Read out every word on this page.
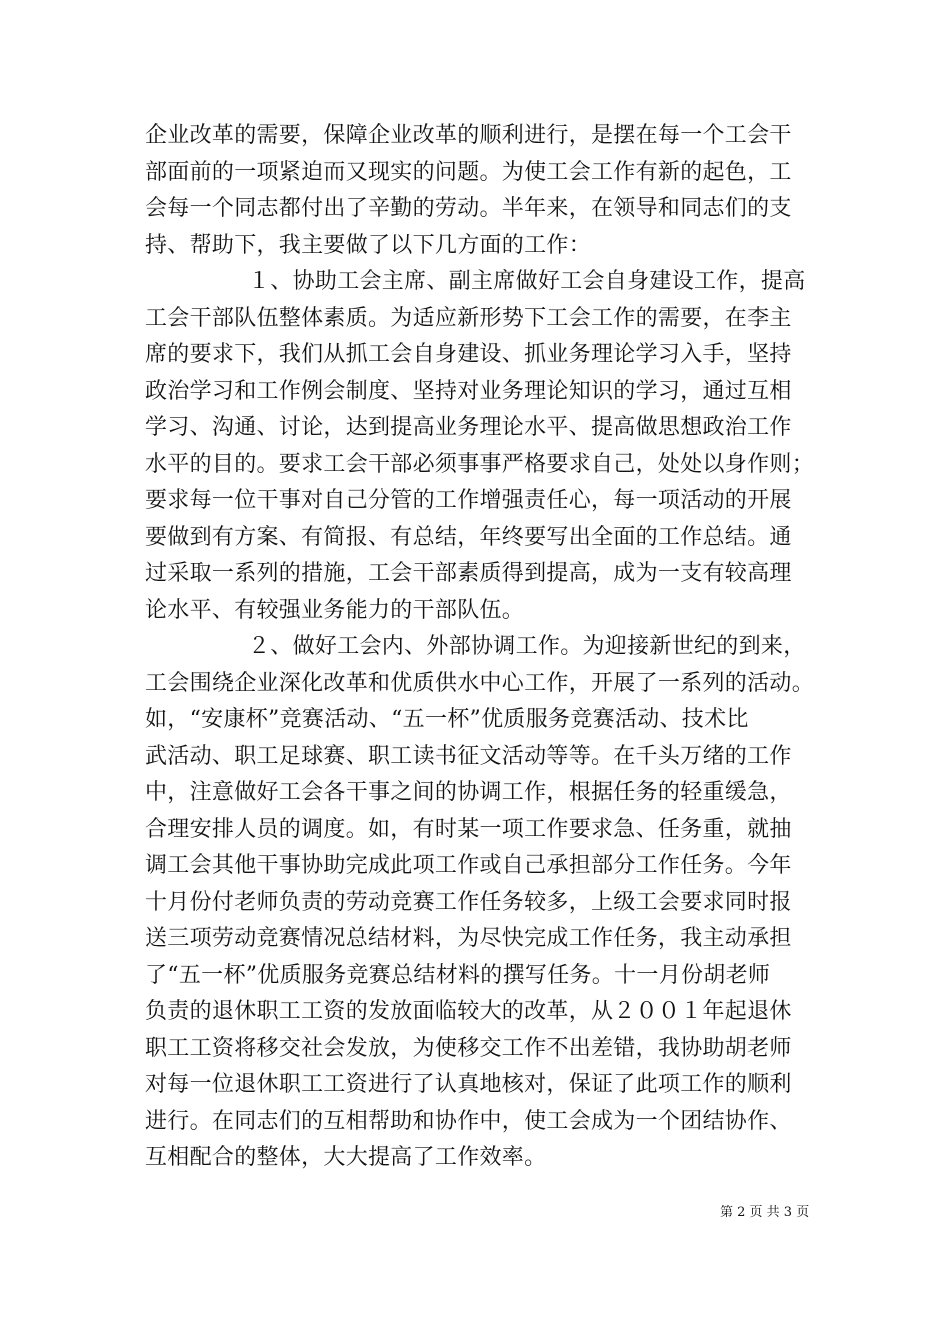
企业改革的需要，保障企业改革的顺利进行，是摆在每一个工会干
部面前的一项紧迫而又现实的问题。为使工会工作有新的起色，工
会每一个同志都付出了辛勤的劳动。半年来，在领导和同志们的支
持、帮助下，我主要做了以下几方面的工作：
１、协助工会主席、副主席做好工会自身建设工作，提高
工会干部队伍整体素质。为适应新形势下工会工作的需要，在李主
席的要求下，我们从抓工会自身建设、抓业务理论学习入手，坚持
政治学习和工作例会制度、坚持对业务理论知识的学习，通过互相
学习、沟通、讨论，达到提高业务理论水平、提高做思想政治工作
水平的目的。要求工会干部必须事事严格要求自己，处处以身作则；
要求每一位干事对自己分管的工作增强责任心，每一项活动的开展
要做到有方案、有简报、有总结，年终要写出全面的工作总结。通
过采取一系列的措施，工会干部素质得到提高，成为一支有较高理
论水平、有较强业务能力的干部队伍。
２、做好工会内、外部协调工作。为迎接新世纪的到来，
工会围绕企业深化改革和优质供水中心工作，开展了一系列的活动。
如，“安康杯”竞赛活动、“五一杯”优质服务竞赛活动、技术比
武活动、职工足球赛、职工读书征文活动等等。在千头万绪的工作
中，注意做好工会各干事之间的协调工作，根据任务的轻重缓急，
合理安排人员的调度。如，有时某一项工作要求急、任务重，就抽
调工会其他干事协助完成此项工作或自己承担部分工作任务。今年
十月份付老师负责的劳动竞赛工作任务较多，上级工会要求同时报
送三项劳动竞赛情况总结材料，为尽快完成工作任务，我主动承担
了“五一杯”优质服务竞赛总结材料的撰写任务。十一月份胡老师
负责的退休职工工资的发放面临较大的改革，从２００１年起退休
职工工资将移交社会发放，为使移交工作不出差错，我协助胡老师
对每一位退休职工工资进行了认真地核对，保证了此项工作的顺利
进行。在同志们的互相帮助和协作中，使工会成为一个团结协作、
互相配合的整体，大大提高了工作效率。
第 2 页 共 3 页
